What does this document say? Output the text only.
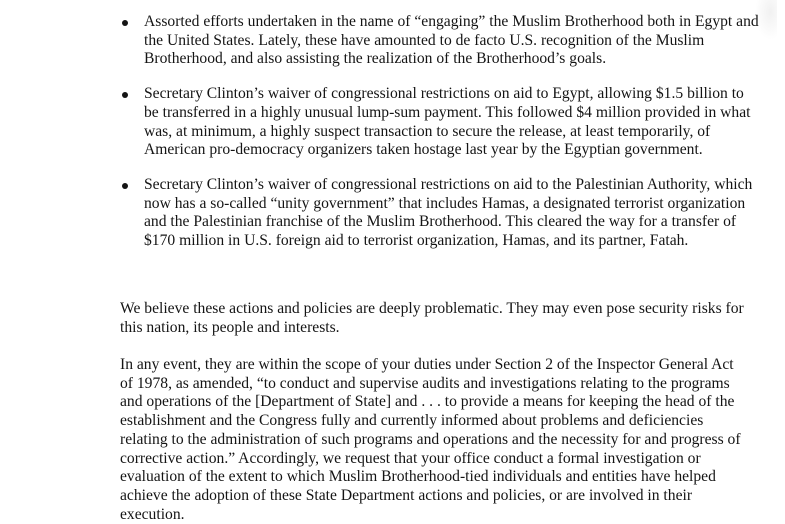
Assorted efforts undertaken in the name of “engaging” the Muslim Brotherhood both in Egypt and the United States. Lately, these have amounted to de facto U.S. recognition of the Muslim Brotherhood, and also assisting the realization of the Brotherhood’s goals.
Secretary Clinton’s waiver of congressional restrictions on aid to Egypt, allowing $1.5 billion to be transferred in a highly unusual lump-sum payment. This followed $4 million provided in what was, at minimum, a highly suspect transaction to secure the release, at least temporarily, of American pro-democracy organizers taken hostage last year by the Egyptian government.
Secretary Clinton’s waiver of congressional restrictions on aid to the Palestinian Authority, which now has a so-called “unity government” that includes Hamas, a designated terrorist organization and the Palestinian franchise of the Muslim Brotherhood. This cleared the way for a transfer of $170 million in U.S. foreign aid to terrorist organization, Hamas, and its partner, Fatah.

We believe these actions and policies are deeply problematic. They may even pose security risks for this nation, its people and interests.

In any event, they are within the scope of your duties under Section 2 of the Inspector General Act of 1978, as amended, “to conduct and supervise audits and investigations relating to the programs and operations of the [Department of State] and . . . to provide a means for keeping the head of the establishment and the Congress fully and currently informed about problems and deficiencies relating to the administration of such programs and operations and the necessity for and progress of corrective action.” Accordingly, we request that your office conduct a formal investigation or evaluation of the extent to which Muslim Brotherhood-tied individuals and entities have helped achieve the adoption of these State Department actions and policies, or are involved in their execution.
